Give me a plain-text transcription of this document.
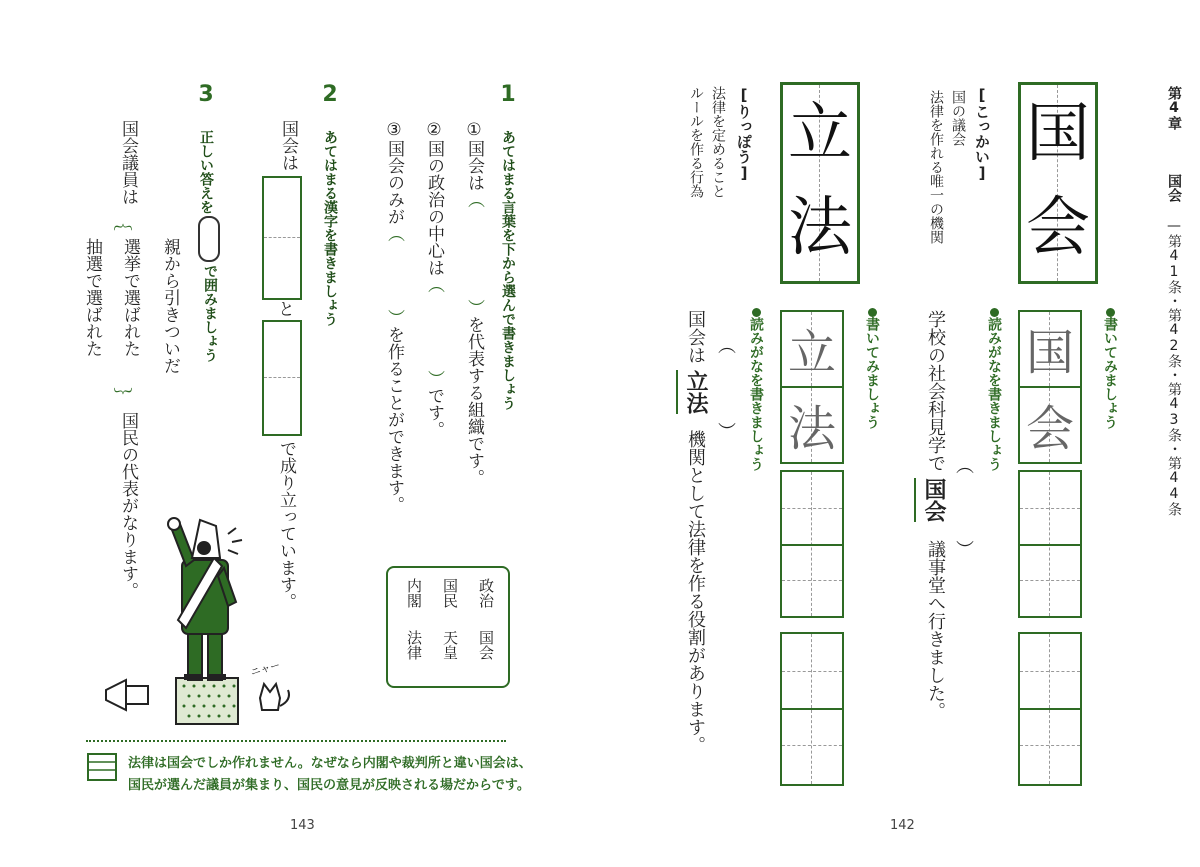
第4章  国会 —第41条・第42条・第43条・第44条
国
会
[こっかい]
国の議会
法律を作れる唯一の機関
立
法
[りっぽう]
法律を定めること
ルールを作る行為
書いてみましょう
国
会
読みがなを書きましょう
学校の社会科見学で ︵
国会
︶
議事堂へ行きました。
書いてみましょう
立
法
読みがなを書きましょう
国会は ︵
立法
︶
機関として法律を作る役割があります。
142
1 あてはまる言葉を下から選んで書きましょう
①国会は︵︶を代表する組織です。
②国の政治の中心は︵︶です。
③国会のみが︵︶を作ることができます。
政治
国会
国民
天皇
内閣
法律
2 あてはまる漢字を書きましょう
国会は
と
で成り立っています。
3 正しい答えを
で囲みましょう
国会議員は
︷
親から引きついだ
選挙で選ばれた
抽選で選ばれた
︸
国民の代表がなります。
ニャー
法律は国会でしか作れません。なぜなら内閣や裁判所と違い国会は、
国民が選んだ議員が集まり、国民の意見が反映される場だからです。
143
